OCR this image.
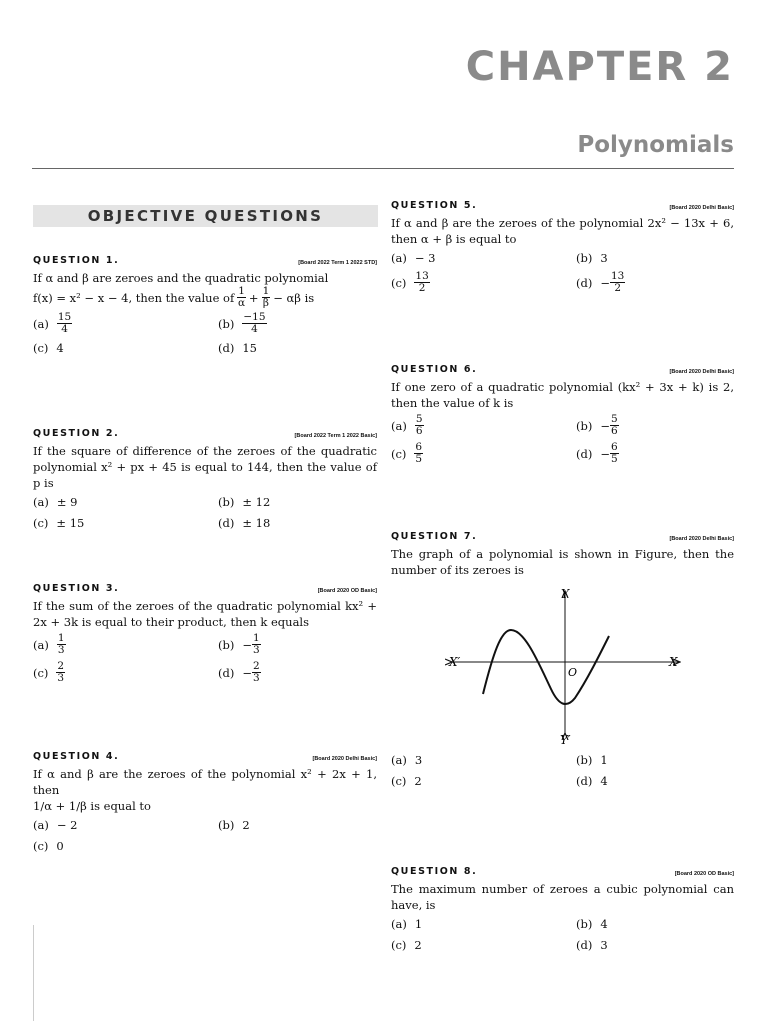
CHAPTER 2
Polynomials
OBJECTIVE QUESTIONS
QUESTION 1.	[Board 2022 Term 1 2022 STD]
If α and β are zeroes and the quadratic polynomial
f(x) = x² − x − 4, then the value of $\frac{1}{\alpha} + \frac{1}{\beta} - \alpha\beta$ is
$(a) \frac{15}{4}$	$(b) \frac{-15}{4}$
(c) 4	(d) 15
QUESTION 2.	[Board 2022 Term 1 2022 Basic]
If the square of difference of the zeroes of the quadratic polynomial x² + px + 45 is equal to 144, then the value of p is
(a) ± 9	(b) ± 12
(c) ± 15	(d) ± 18
QUESTION 3.	[Board 2020 OD Basic]
If the sum of the zeroes of the quadratic polynomial kx² + 2x + 3k is equal to their product, then k equals
$(a) \frac{1}{3}$	$(b) - \frac{1}{3}$
$(c) \frac{2}{3}$	$(d) - \frac{2}{3}$
QUESTION 4.	[Board 2020 Delhi Basic]
If α and β are the zeroes of the polynomial x² + 2x + 1, then
1/α + 1/β is equal to
(a) − 2	(b) 2
(c) 0
QUESTION 5.	[Board 2020 Delhi Basic]
If α and β are the zeroes of the polynomial 2x² − 13x + 6, then α + β is equal to
(a) − 3	(b) 3
$(c) \frac{13}{2}$	$(d) - \frac{13}{2}$
QUESTION 6.	[Board 2020 Delhi Basic]
If one zero of a quadratic polynomial (kx² + 3x + k) is 2, then the value of k is
$(a) \frac{5}{6}$	$(b) - \frac{5}{6}$
$(c) \frac{6}{5}$	$(d) - \frac{6}{5}$
QUESTION 7.	[Board 2020 Delhi Basic]
The graph of a polynomial is shown in Figure, then the number of its zeroes is
Y
Y′
X
X′
O
(a) 3	(b) 1
(c) 2	(d) 4
QUESTION 8.	[Board 2020 OD Basic]
The maximum number of zeroes a cubic polynomial can have, is
(a) 1	(b) 4
(c) 2	(d) 3
